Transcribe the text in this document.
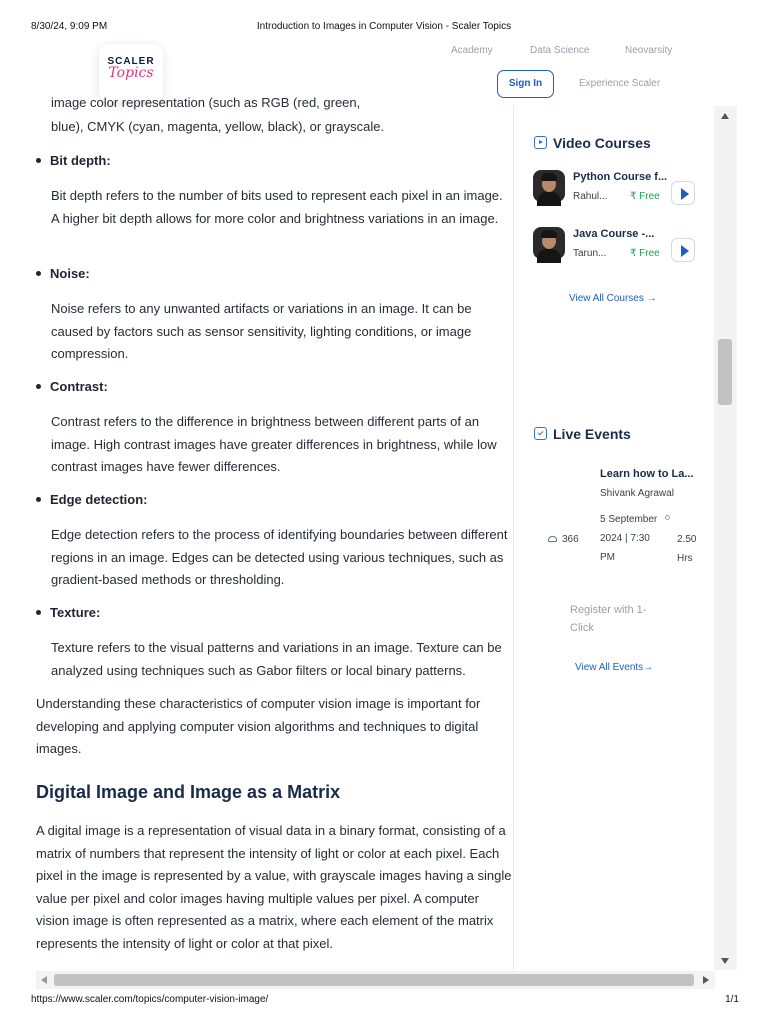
8/30/24, 9:09 PM	Introduction to Images in Computer Vision - Scaler Topics
SCALER
Topics
Academy	Data Science	Neovarsity
Sign In	Experience Scaler
image color representation (such as RGB (red, green,
blue), CMYK (cyan, magenta, yellow, black), or grayscale.
Bit depth:
Bit depth refers to the number of bits used to represent each pixel in an image. A higher bit depth allows for more color and brightness variations in an image.
Noise:
Noise refers to any unwanted artifacts or variations in an image. It can be caused by factors such as sensor sensitivity, lighting conditions, or image compression.
Contrast:
Contrast refers to the difference in brightness between different parts of an image. High contrast images have greater differences in brightness, while low contrast images have fewer differences.
Edge detection:
Edge detection refers to the process of identifying boundaries between different regions in an image. Edges can be detected using various techniques, such as gradient-based methods or thresholding.
Texture:
Texture refers to the visual patterns and variations in an image. Texture can be analyzed using techniques such as Gabor filters or local binary patterns.
Understanding these characteristics of computer vision image is important for developing and applying computer vision algorithms and techniques to digital images.
Digital Image and Image as a Matrix
A digital image is a representation of visual data in a binary format, consisting of a matrix of numbers that represent the intensity of light or color at each pixel. Each pixel in the image is represented by a value, with grayscale images having a single value per pixel and color images having multiple values per pixel. A computer vision image is often represented as a matrix, where each element of the matrix represents the intensity of light or color at that pixel.
Video Courses
Python Course f...
Rahul... ₹ Free
Java Course -...
Tarun... ₹ Free
View All Courses →
Live Events
Learn how to La...
Shivank Agrawal
366
5 September 2024 | 7:30 PM
2.50 Hrs
Register with 1-Click
View All Events→
https://www.scaler.com/topics/computer-vision-image/	1/1
